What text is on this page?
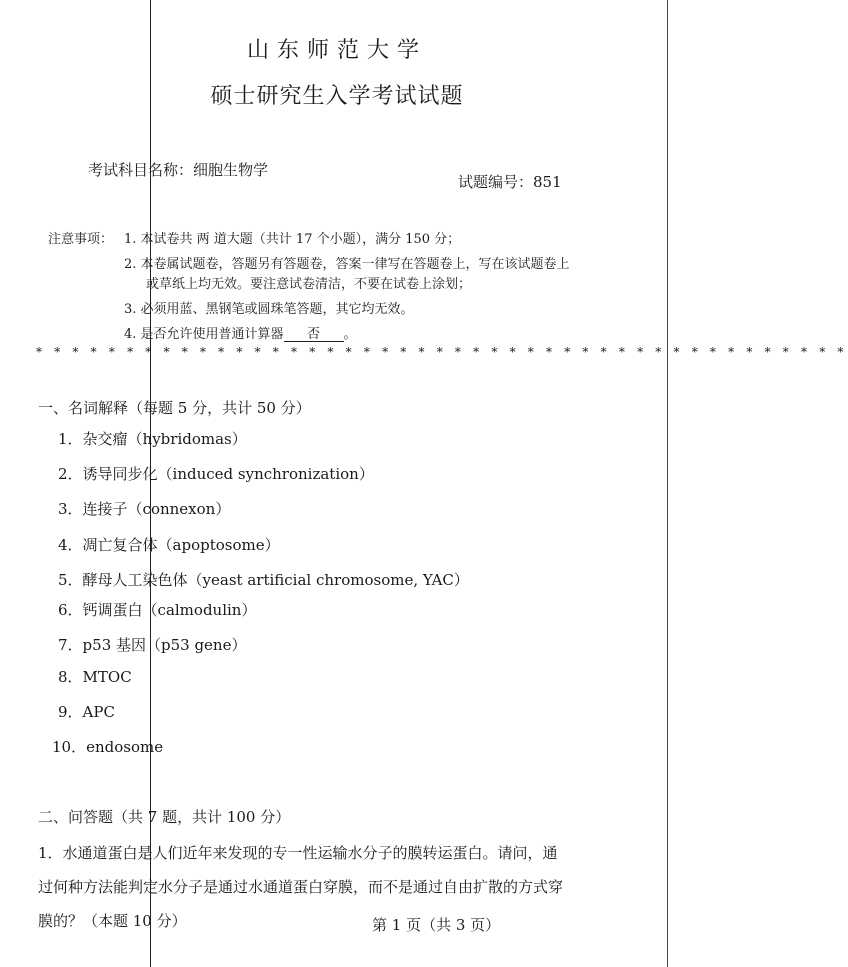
山东师范大学
硕士研究生入学考试试题
考试科目名称：细胞生物学
试题编号：851
注意事项： 1. 本试卷共 两 道大题（共计 17 个小题），满分 150 分；
2. 本卷属试题卷，答题另有答题卷，答案一律写在答题卷上，写在该试题卷上
或草纸上均无效。要注意试卷清洁，不要在试卷上涂划；
3. 必须用蓝、黑钢笔或圆珠笔答题，其它均无效。
4. 是否允许使用普通计算器 否 。
* * * * * * * * * * * * * * * * * * * * * * * * * * * * * * * * * * * * * * * * * * * * *
一、名词解释（每题 5 分，共计 50 分）
1．杂交瘤（hybridomas）
2．诱导同步化（induced synchronization）
3．连接子（connexon）
4．凋亡复合体（apoptosome）
5．酵母人工染色体（yeast artificial chromosome, YAC）
6．钙调蛋白（calmodulin）
7．p53 基因（p53 gene）
8．MTOC
9．APC
10．endosome
二、问答题（共 7 题，共计 100 分）
1．水通道蛋白是人们近年来发现的专一性运输水分子的膜转运蛋白。请问，通
过何种方法能判定水分子是通过水通道蛋白穿膜，而不是通过自由扩散的方式穿
膜的？（本题 10 分）	第 1 页（共 3 页）
